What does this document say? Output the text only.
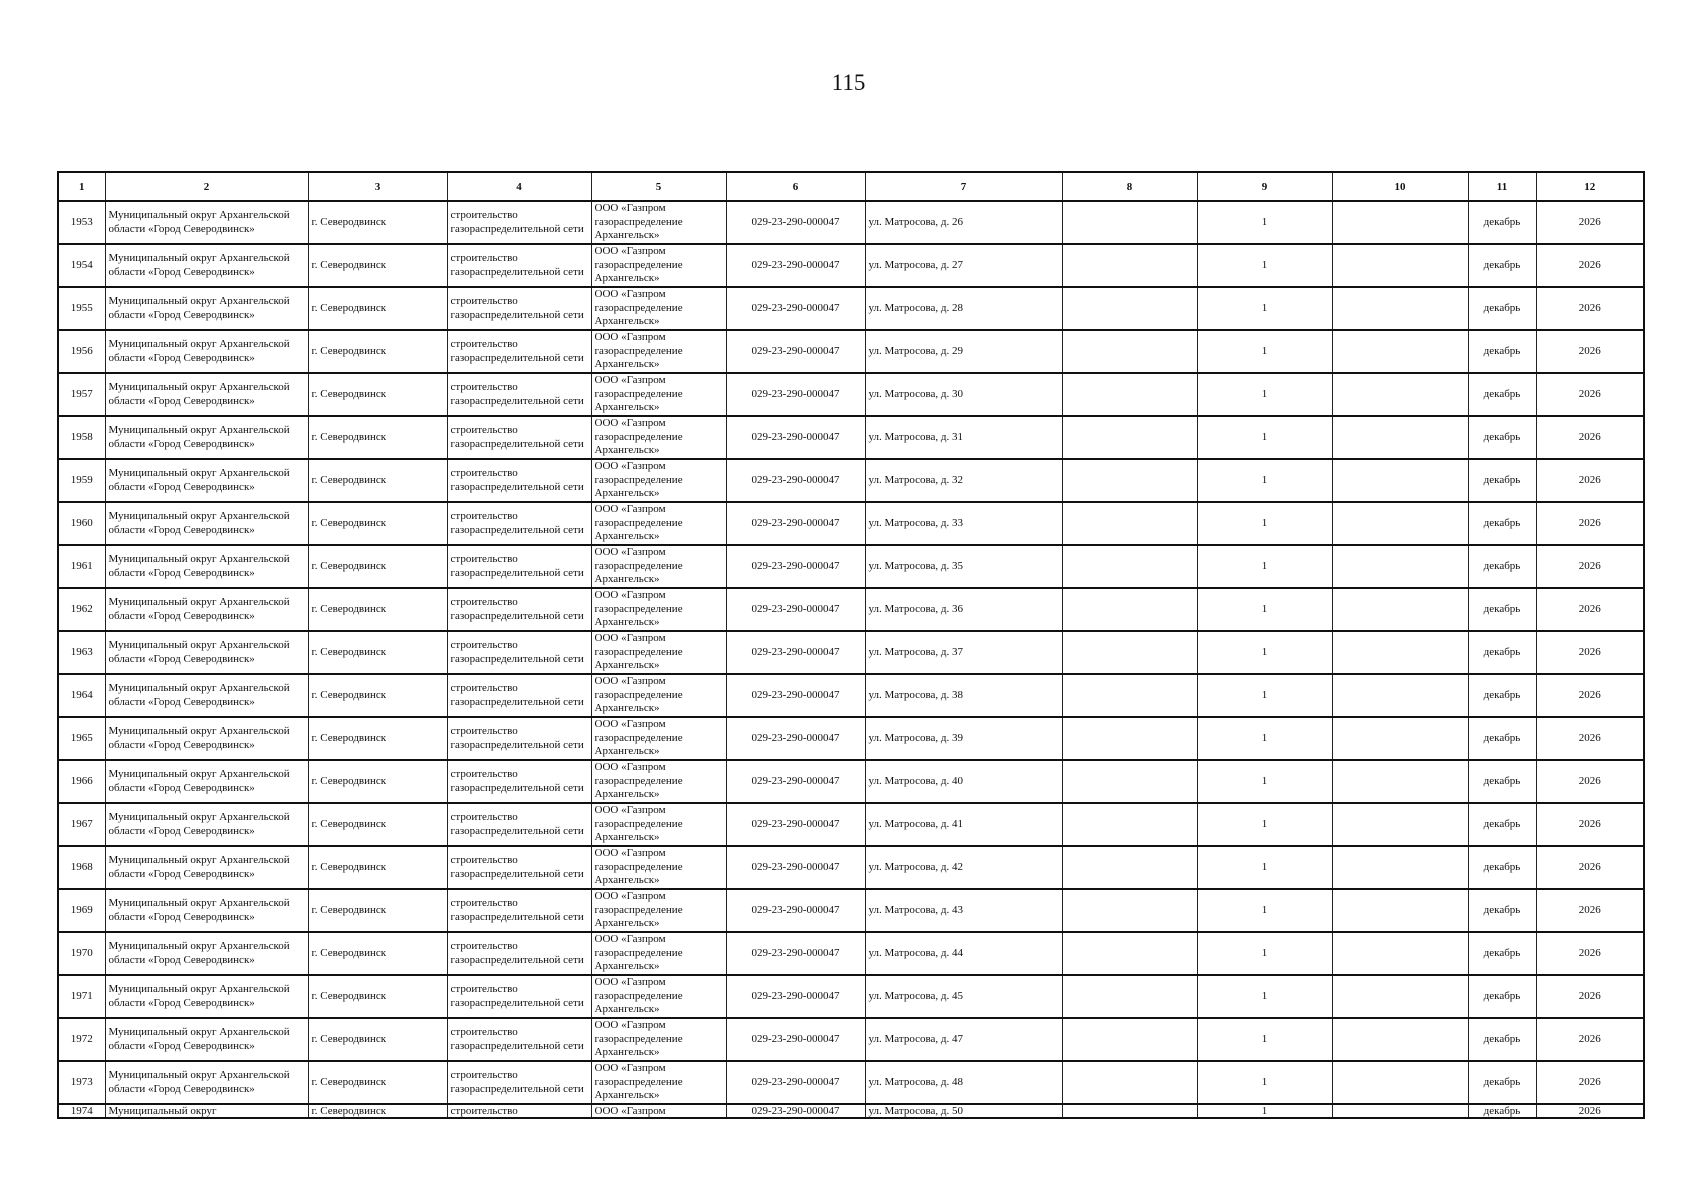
115
1	2	3	4	5	6	7	8	9	10	11	12
1953	Муниципальный округ Архангельской области «Город Северодвинск»	г. Северодвинск	строительство газораспределительной сети	ООО «Газпром газораспределение Архангельск»	029-23-290-000047	ул. Матросова, д. 26		1		декабрь	2026
1954	Муниципальный округ Архангельской области «Город Северодвинск»	г. Северодвинск	строительство газораспределительной сети	ООО «Газпром газораспределение Архангельск»	029-23-290-000047	ул. Матросова, д. 27		1		декабрь	2026
1955	Муниципальный округ Архангельской области «Город Северодвинск»	г. Северодвинск	строительство газораспределительной сети	ООО «Газпром газораспределение Архангельск»	029-23-290-000047	ул. Матросова, д. 28		1		декабрь	2026
1956	Муниципальный округ Архангельской области «Город Северодвинск»	г. Северодвинск	строительство газораспределительной сети	ООО «Газпром газораспределение Архангельск»	029-23-290-000047	ул. Матросова, д. 29		1		декабрь	2026
1957	Муниципальный округ Архангельской области «Город Северодвинск»	г. Северодвинск	строительство газораспределительной сети	ООО «Газпром газораспределение Архангельск»	029-23-290-000047	ул. Матросова, д. 30		1		декабрь	2026
1958	Муниципальный округ Архангельской области «Город Северодвинск»	г. Северодвинск	строительство газораспределительной сети	ООО «Газпром газораспределение Архангельск»	029-23-290-000047	ул. Матросова, д. 31		1		декабрь	2026
1959	Муниципальный округ Архангельской области «Город Северодвинск»	г. Северодвинск	строительство газораспределительной сети	ООО «Газпром газораспределение Архангельск»	029-23-290-000047	ул. Матросова, д. 32		1		декабрь	2026
1960	Муниципальный округ Архангельской области «Город Северодвинск»	г. Северодвинск	строительство газораспределительной сети	ООО «Газпром газораспределение Архангельск»	029-23-290-000047	ул. Матросова, д. 33		1		декабрь	2026
1961	Муниципальный округ Архангельской области «Город Северодвинск»	г. Северодвинск	строительство газораспределительной сети	ООО «Газпром газораспределение Архангельск»	029-23-290-000047	ул. Матросова, д. 35		1		декабрь	2026
1962	Муниципальный округ Архангельской области «Город Северодвинск»	г. Северодвинск	строительство газораспределительной сети	ООО «Газпром газораспределение Архангельск»	029-23-290-000047	ул. Матросова, д. 36		1		декабрь	2026
1963	Муниципальный округ Архангельской области «Город Северодвинск»	г. Северодвинск	строительство газораспределительной сети	ООО «Газпром газораспределение Архангельск»	029-23-290-000047	ул. Матросова, д. 37		1		декабрь	2026
1964	Муниципальный округ Архангельской области «Город Северодвинск»	г. Северодвинск	строительство газораспределительной сети	ООО «Газпром газораспределение Архангельск»	029-23-290-000047	ул. Матросова, д. 38		1		декабрь	2026
1965	Муниципальный округ Архангельской области «Город Северодвинск»	г. Северодвинск	строительство газораспределительной сети	ООО «Газпром газораспределение Архангельск»	029-23-290-000047	ул. Матросова, д. 39		1		декабрь	2026
1966	Муниципальный округ Архангельской области «Город Северодвинск»	г. Северодвинск	строительство газораспределительной сети	ООО «Газпром газораспределение Архангельск»	029-23-290-000047	ул. Матросова, д. 40		1		декабрь	2026
1967	Муниципальный округ Архангельской области «Город Северодвинск»	г. Северодвинск	строительство газораспределительной сети	ООО «Газпром газораспределение Архангельск»	029-23-290-000047	ул. Матросова, д. 41		1		декабрь	2026
1968	Муниципальный округ Архангельской области «Город Северодвинск»	г. Северодвинск	строительство газораспределительной сети	ООО «Газпром газораспределение Архангельск»	029-23-290-000047	ул. Матросова, д. 42		1		декабрь	2026
1969	Муниципальный округ Архангельской области «Город Северодвинск»	г. Северодвинск	строительство газораспределительной сети	ООО «Газпром газораспределение Архангельск»	029-23-290-000047	ул. Матросова, д. 43		1		декабрь	2026
1970	Муниципальный округ Архангельской области «Город Северодвинск»	г. Северодвинск	строительство газораспределительной сети	ООО «Газпром газораспределение Архангельск»	029-23-290-000047	ул. Матросова, д. 44		1		декабрь	2026
1971	Муниципальный округ Архангельской области «Город Северодвинск»	г. Северодвинск	строительство газораспределительной сети	ООО «Газпром газораспределение Архангельск»	029-23-290-000047	ул. Матросова, д. 45		1		декабрь	2026
1972	Муниципальный округ Архангельской области «Город Северодвинск»	г. Северодвинск	строительство газораспределительной сети	ООО «Газпром газораспределение Архангельск»	029-23-290-000047	ул. Матросова, д. 47		1		декабрь	2026
1973	Муниципальный округ Архангельской области «Город Северодвинск»	г. Северодвинск	строительство газораспределительной сети	ООО «Газпром газораспределение Архангельск»	029-23-290-000047	ул. Матросова, д. 48		1		декабрь	2026
1974	Муниципальный округ	г. Северодвинск	строительство	ООО «Газпром	029-23-290-000047	ул. Матросова, д. 50		1		декабрь	2026
